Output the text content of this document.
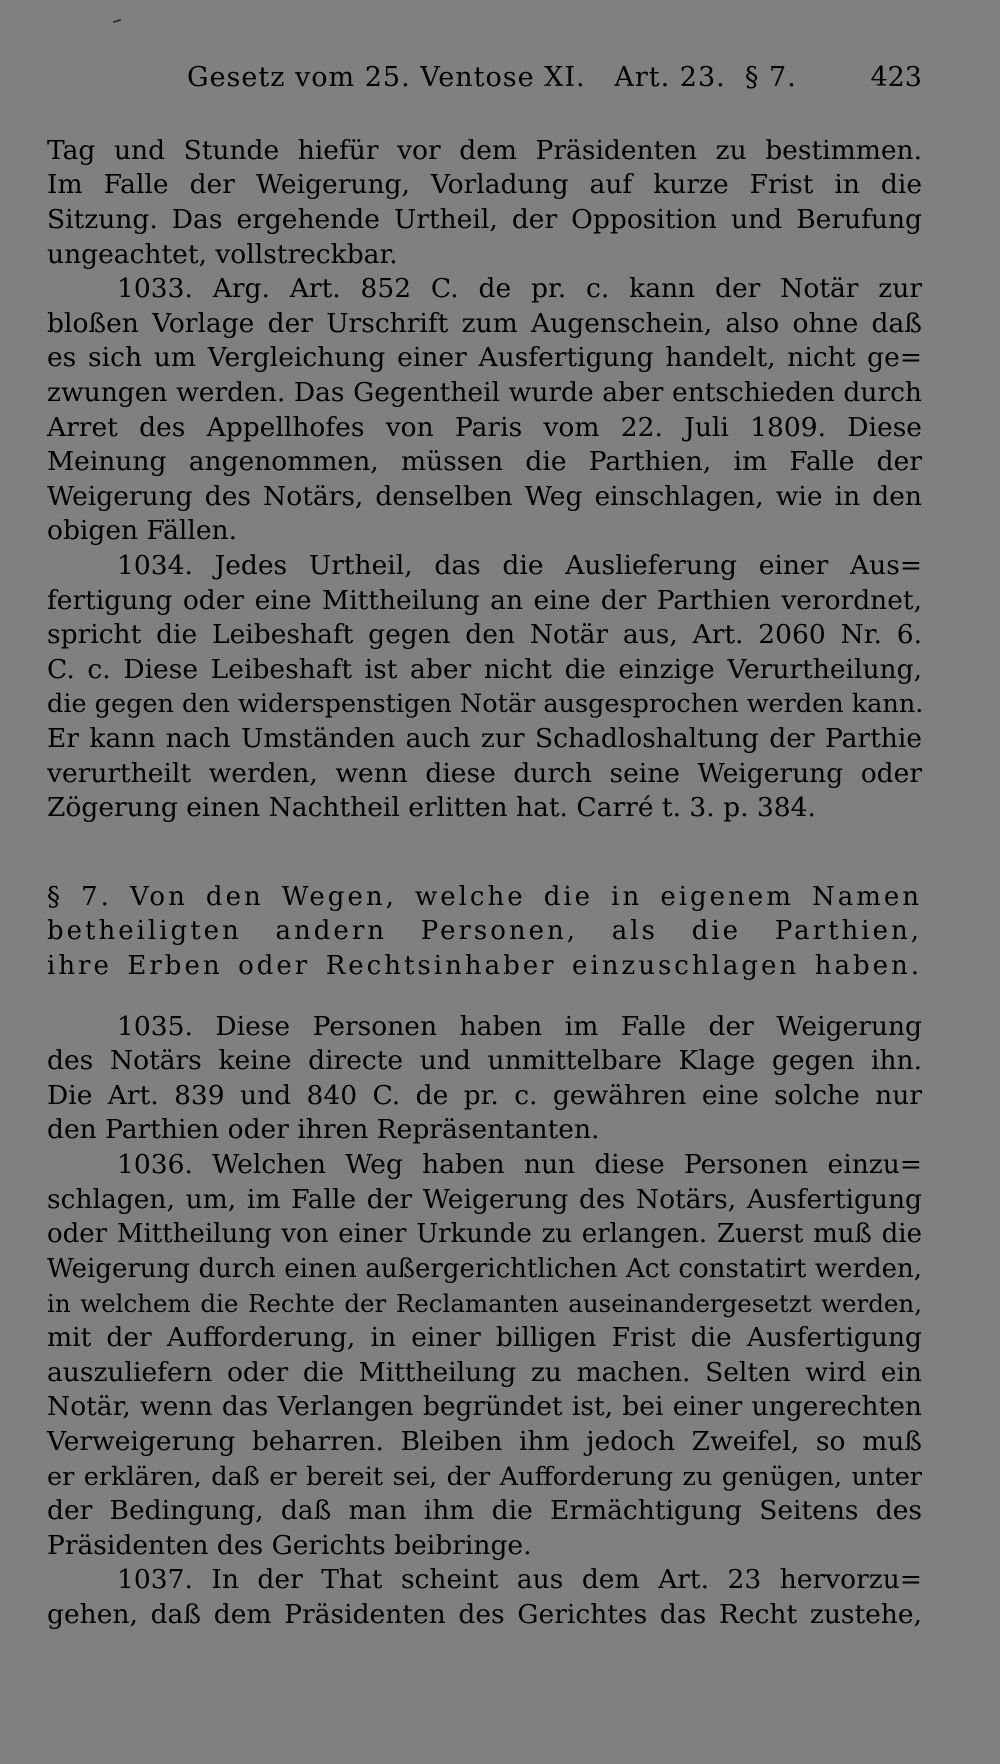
Gesetz vom 25. Ventose XI.   Art. 23.  § 7.	423
Tag und Stunde hiefür vor dem Präsidenten zu bestimmen.
Im Falle der Weigerung, Vorladung auf kurze Frist in die
Sitzung. Das ergehende Urtheil, der Opposition und Berufung
ungeachtet, vollstreckbar.
1033. Arg. Art. 852 C. de pr. c. kann der Notär zur
bloßen Vorlage der Urschrift zum Augenschein, also ohne daß
es sich um Vergleichung einer Ausfertigung handelt, nicht ge=
zwungen werden. Das Gegentheil wurde aber entschieden durch
Arret des Appellhofes von Paris vom 22. Juli 1809. Diese
Meinung angenommen, müssen die Parthien, im Falle der
Weigerung des Notärs, denselben Weg einschlagen, wie in den
obigen Fällen.
1034. Jedes Urtheil, das die Auslieferung einer Aus=
fertigung oder eine Mittheilung an eine der Parthien verordnet,
spricht die Leibeshaft gegen den Notär aus, Art. 2060 Nr. 6.
C. c. Diese Leibeshaft ist aber nicht die einzige Verurtheilung,
die gegen den widerspenstigen Notär ausgesprochen werden kann.
Er kann nach Umständen auch zur Schadloshaltung der Parthie
verurtheilt werden, wenn diese durch seine Weigerung oder
Zögerung einen Nachtheil erlitten hat. Carré t. 3. p. 384.
§ 7. Von den Wegen, welche die in eigenem Namen
betheiligten andern Personen, als die Parthien,
ihre Erben oder Rechtsinhaber einzuschlagen haben.
1035. Diese Personen haben im Falle der Weigerung
des Notärs keine directe und unmittelbare Klage gegen ihn.
Die Art. 839 und 840 C. de pr. c. gewähren eine solche nur
den Parthien oder ihren Repräsentanten.
1036. Welchen Weg haben nun diese Personen einzu=
schlagen, um, im Falle der Weigerung des Notärs, Ausfertigung
oder Mittheilung von einer Urkunde zu erlangen. Zuerst muß die
Weigerung durch einen außergerichtlichen Act constatirt werden,
in welchem die Rechte der Reclamanten auseinandergesetzt werden,
mit der Aufforderung, in einer billigen Frist die Ausfertigung
auszuliefern oder die Mittheilung zu machen. Selten wird ein
Notär, wenn das Verlangen begründet ist, bei einer ungerechten
Verweigerung beharren. Bleiben ihm jedoch Zweifel, so muß
er erklären, daß er bereit sei, der Aufforderung zu genügen, unter
der Bedingung, daß man ihm die Ermächtigung Seitens des
Präsidenten des Gerichts beibringe.
1037. In der That scheint aus dem Art. 23 hervorzu=
gehen, daß dem Präsidenten des Gerichtes das Recht zustehe,
